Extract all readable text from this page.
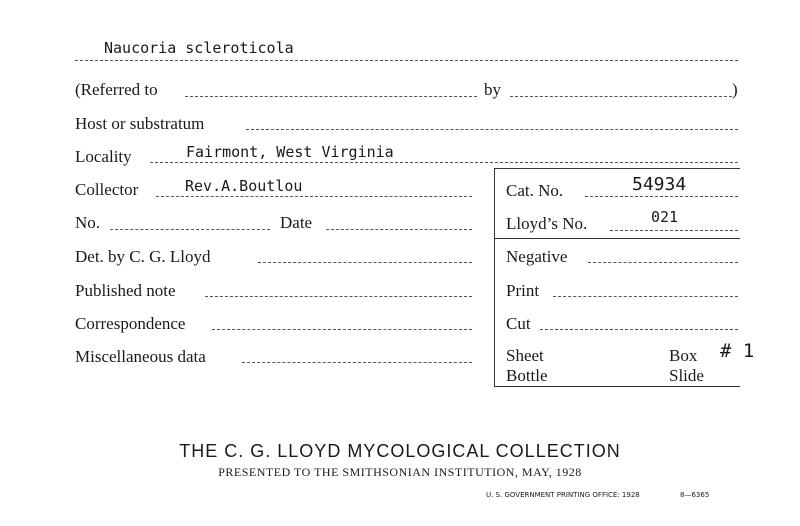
Naucoria scleroticola
(Referred to	by	)
Host or substratum
Locality	Fairmont, West Virginia
Collector	Rev.A.Boutlou
No.	Date
Det. by C. G. Lloyd
Published note
Correspondence
Miscellaneous data
Cat. No.	54934
Lloyd’s No.	021
Negative
Print
Cut
Sheet
Bottle
Box
Slide
# 1
THE C. G. LLOYD MYCOLOGICAL COLLECTION
PRESENTED TO THE SMITHSONIAN INSTITUTION, MAY, 1928
U. S. GOVERNMENT PRINTING OFFICE: 1928	8—6365
